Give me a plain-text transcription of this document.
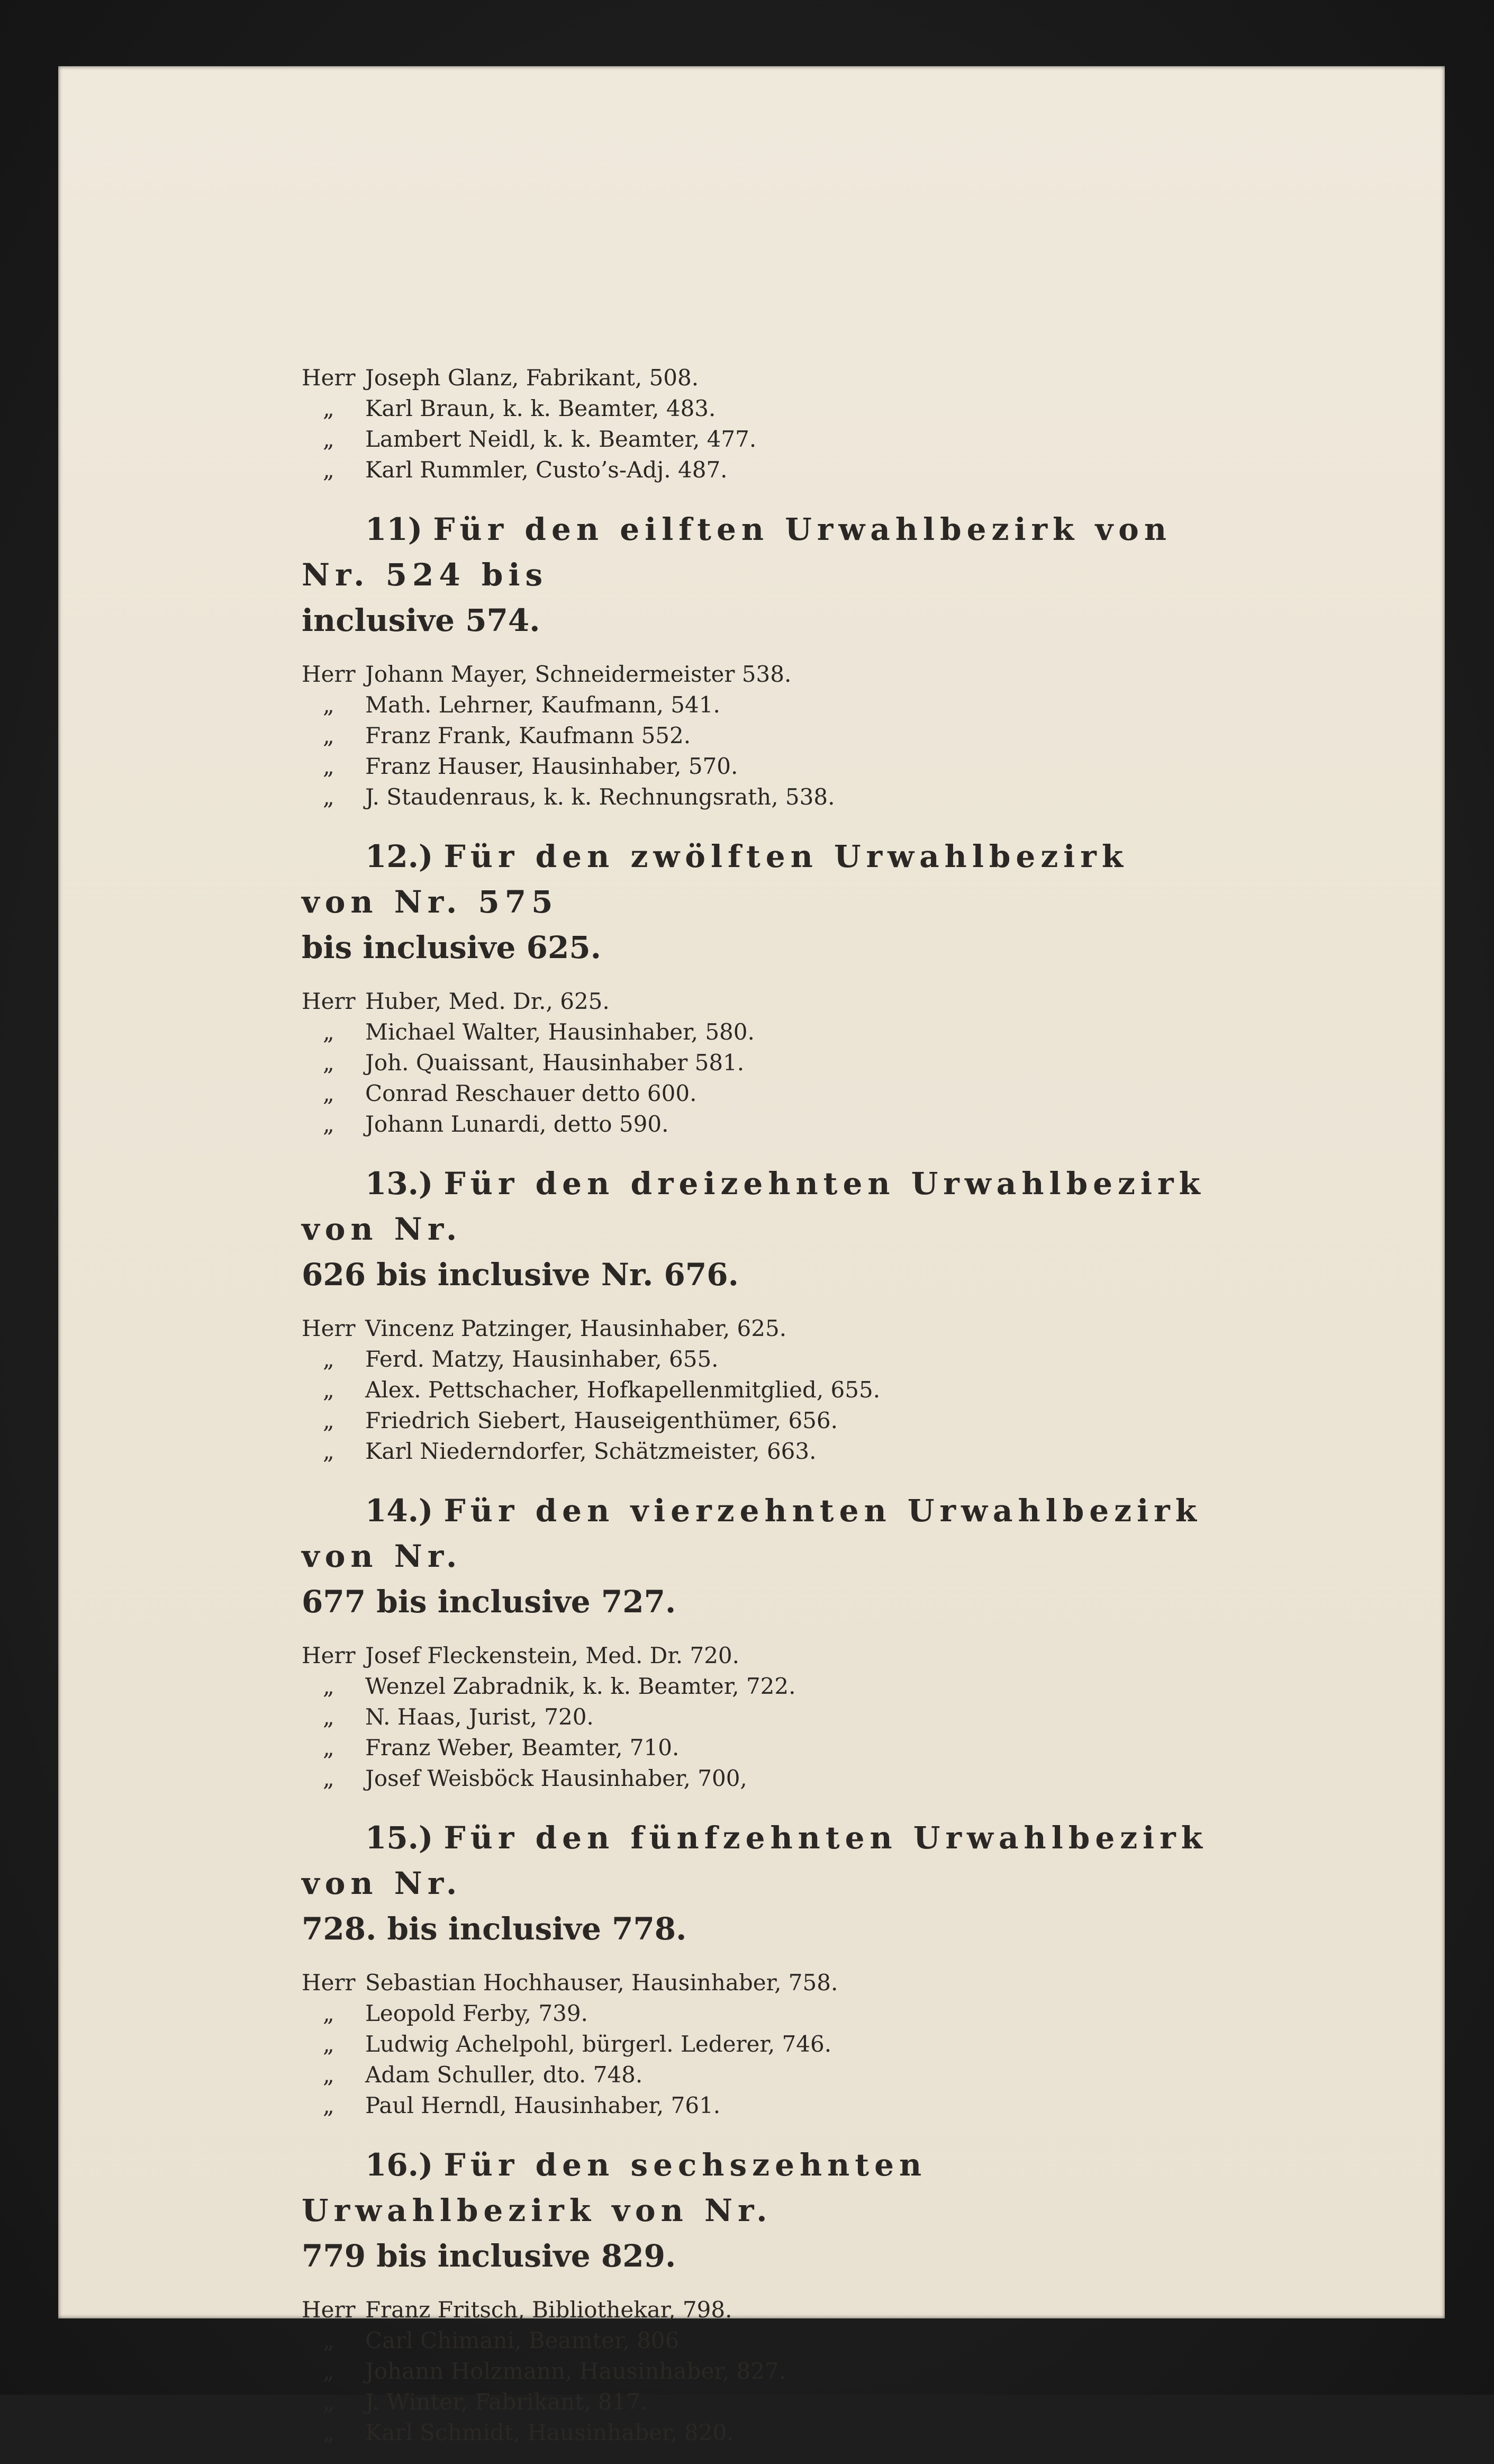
Herr Joseph Glanz, Fabrikant, 508.
„ Karl Braun, k. k. Beamter, 483.
„ Lambert Neidl, k. k. Beamter, 477.
„ Karl Rummler, Custo’s-Adj. 487.
11) Für den eilften Urwahlbezirk von Nr. 524 bis
inclusive 574.
Herr Johann Mayer, Schneidermeister 538.
„ Math. Lehrner, Kaufmann, 541.
„ Franz Frank, Kaufmann 552.
„ Franz Hauser, Hausinhaber, 570.
„ J. Staudenraus, k. k. Rechnungsrath, 538.
12.) Für den zwölften Urwahlbezirk von Nr. 575
bis inclusive 625.
Herr Huber, Med. Dr., 625.
„ Michael Walter, Hausinhaber, 580.
„ Joh. Quaissant, Hausinhaber 581.
„ Conrad Reschauer detto 600.
„ Johann Lunardi, detto 590.
13.) Für den dreizehnten Urwahlbezirk von Nr.
626 bis inclusive Nr. 676.
Herr Vincenz Patzinger, Hausinhaber, 625.
„ Ferd. Matzy, Hausinhaber, 655.
„ Alex. Pettschacher, Hofkapellenmitglied, 655.
„ Friedrich Siebert, Hauseigenthümer, 656.
„ Karl Niederndorfer, Schätzmeister, 663.
14.) Für den vierzehnten Urwahlbezirk von Nr.
677 bis inclusive 727.
Herr Josef Fleckenstein, Med. Dr. 720.
„ Wenzel Zabradnik, k. k. Beamter, 722.
„ N. Haas, Jurist, 720.
„ Franz Weber, Beamter, 710.
„ Josef Weisböck Hausinhaber, 700,
15.) Für den fünfzehnten Urwahlbezirk von Nr.
728. bis inclusive 778.
Herr Sebastian Hochhauser, Hausinhaber, 758.
„ Leopold Ferby, 739.
„ Ludwig Achelpohl, bürgerl. Lederer, 746.
„ Adam Schuller, dto. 748.
„ Paul Herndl, Hausinhaber, 761.
16.) Für den sechszehnten Urwahlbezirk von Nr.
779 bis inclusive 829.
Herr Franz Fritsch, Bibliothekar, 798.
„ Carl Chimani, Beamter, 806
„ Johann Holzmann, Hausinhaber, 827.
„ J. Winter, Fabrikant, 817.
„ Karl Schmidt, Hausinhaber, 820.
